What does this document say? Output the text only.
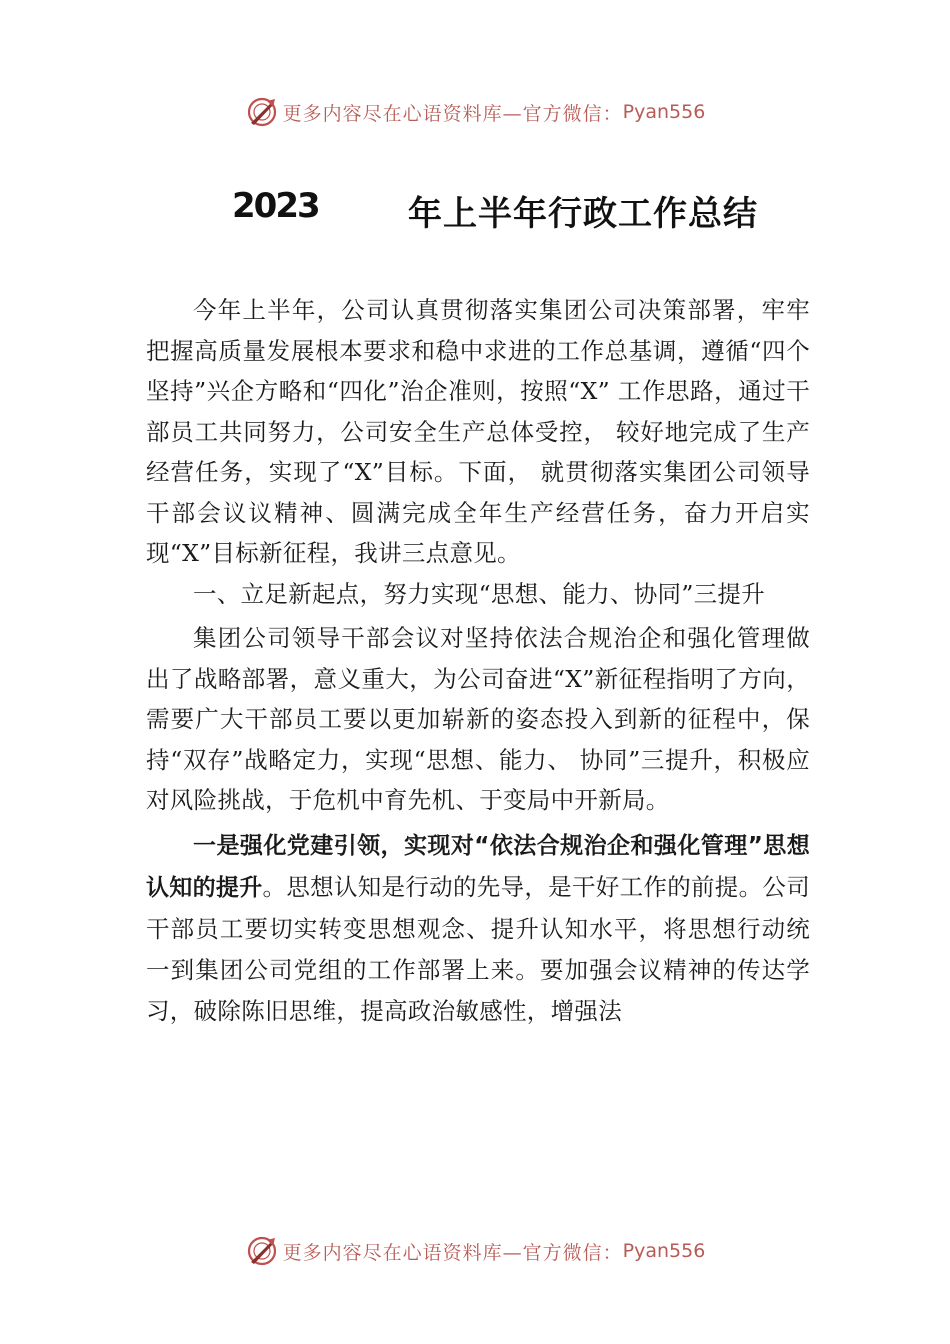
更多内容尽在心语资料库—官方微信： Pyan556
2023	年上半年行政工作总结

今年上半年，公司认真贯彻落实集团公司决策部署，牢牢把握高质量发展根本要求和稳中求进的工作总基调，遵循“四个坚持”兴企方略和“四化”治企准则，按照“X” 工作思路，通过干部员工共同努力，公司安全生产总体受控， 较好地完成了生产经营任务，实现了“X”目标。下面， 就贯彻落实集团公司领导干部会议议精神、圆满完成全年生产经营任务，奋力开启实现“X”目标新征程，我讲三点意见。

一、立足新起点，努力实现“思想、能力、协同”三提升

集团公司领导干部会议对坚持依法合规治企和强化管理做出了战略部署，意义重大，为公司奋进“X”新征程指明了方向，需要广大干部员工要以更加崭新的姿态投入到新的征程中，保持“双存”战略定力，实现“思想、能力、 协同”三提升，积极应对风险挑战，于危机中育先机、于变局中开新局。

一是强化党建引领，实现对“依法合规治企和强化管理”思想认知的提升。思想认知是行动的先导，是干好工作的前提。公司干部员工要切实转变思想观念、提升认知水平，将思想行动统一到集团公司党组的工作部署上来。要加强会议精神的传达学习，破除陈旧思维，提高政治敏感性，增强法

更多内容尽在心语资料库—官方微信： Pyan556
